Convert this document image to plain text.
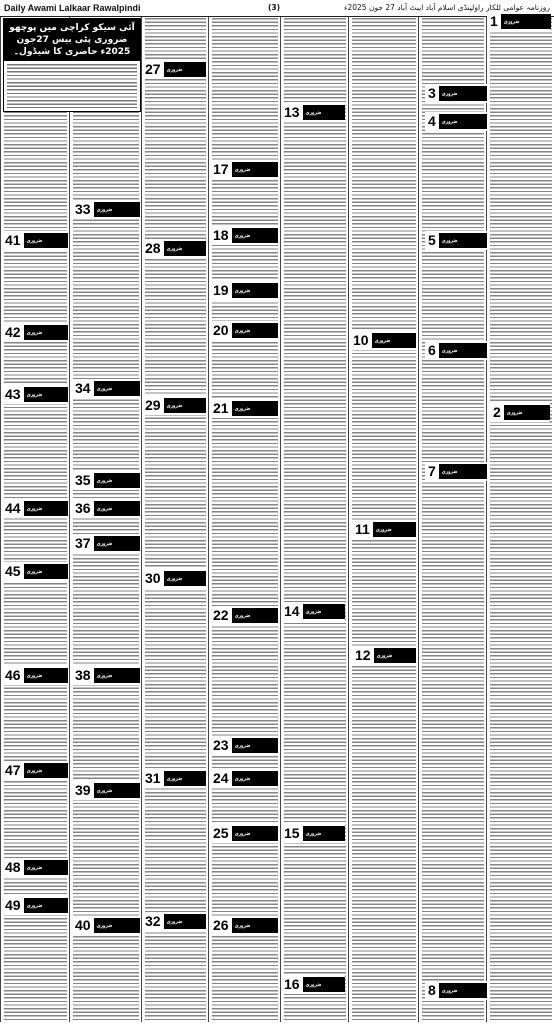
Daily Awami Lalkaar Rawalpindi	(3)	روزنامہ عوامی للکار راولپنڈی اسلام آباد ایبٹ آباد 27 جون 2025ء
آئی سیکو کراچی میں پوچھو ضروری پٹی بیس 27جون 2025ء حاضری کا شیڈول۔
1	ضروری
2	ضروری
3	ضروری
4	ضروری
5	ضروری
6	ضروری
7	ضروری
8	ضروری
10	ضروری
11	ضروری
12	ضروری
13	ضروری
14	ضروری
15	ضروری
16	ضروری
17	ضروری
18	ضروری
19	ضروری
20	ضروری
21	ضروری
22	ضروری
23	ضروری
24	ضروری
25	ضروری
26	ضروری
27	ضروری
28	ضروری
29	ضروری
30	ضروری
31	ضروری
32	ضروری
33	ضروری
34	ضروری
35	ضروری
36	ضروری
37	ضروری
38	ضروری
39	ضروری
40	ضروری
41	ضروری
42	ضروری
43	ضروری
44	ضروری
45	ضروری
46	ضروری
47	ضروری
48	ضروری
49	ضروری
